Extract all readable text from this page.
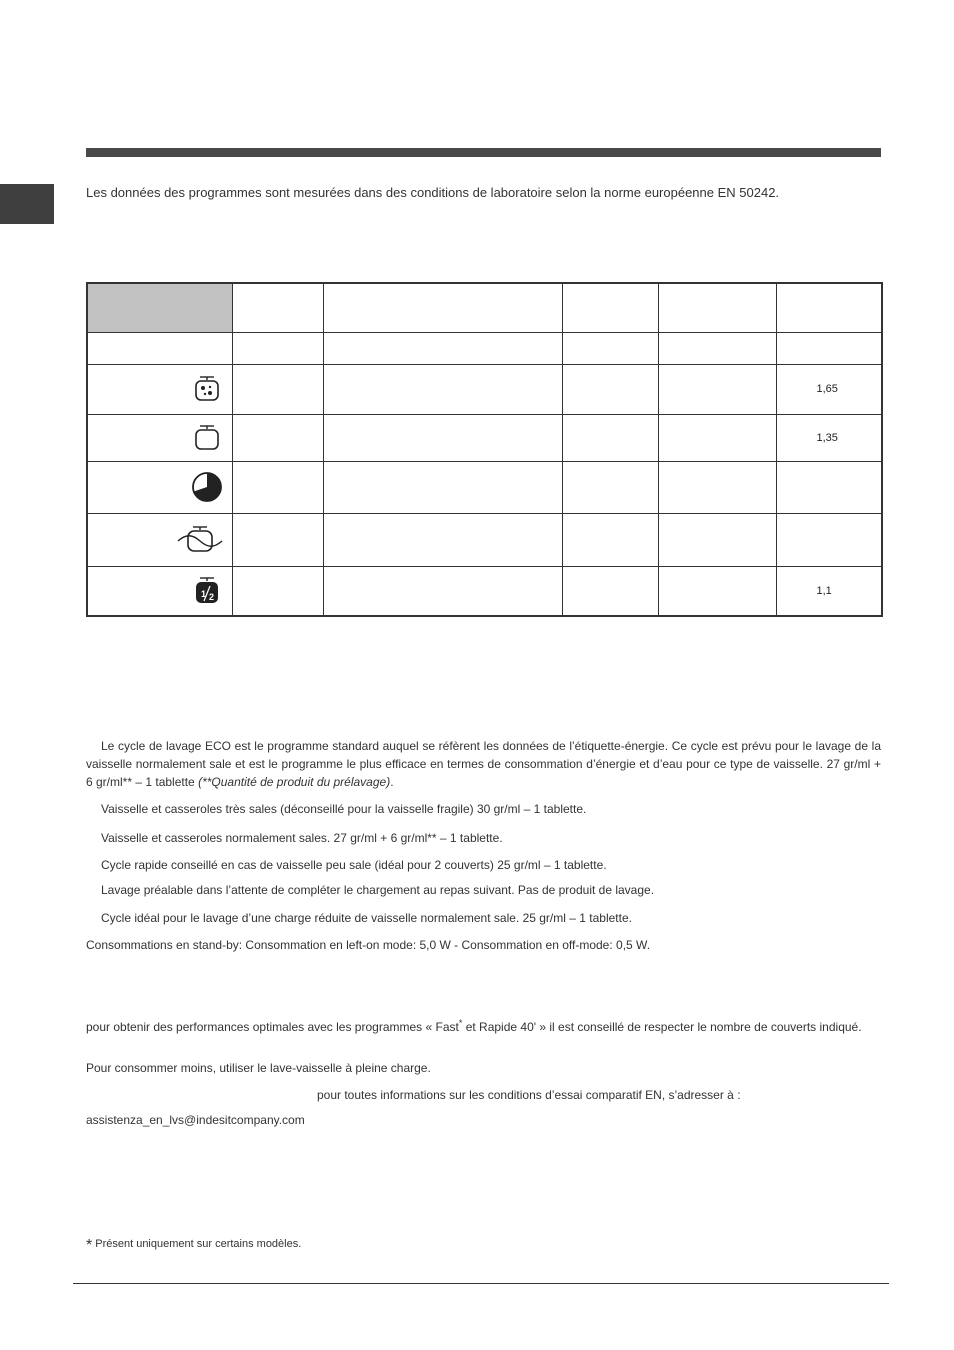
Les données des programmes sont mesurées dans des conditions de laboratoire selon la norme européenne EN 50242.

					1,65

					1,35

1 2					1,1
Le cycle de lavage ECO est le programme standard auquel se réfèrent les données de l’étiquette-énergie. Ce cycle est prévu pour le lavage de la vaisselle normalement sale et est le programme le plus efficace en termes de consommation d’énergie et d’eau pour ce type de vaisselle. 27 gr/ml + 6 gr/ml** – 1 tablette (**Quantité de produit du prélavage).
Vaisselle et casseroles très sales (déconseillé pour la vaisselle fragile) 30 gr/ml – 1 tablette.
Vaisselle et casseroles normalement sales. 27 gr/ml + 6 gr/ml** – 1 tablette.
Cycle rapide conseillé en cas de vaisselle peu sale (idéal pour 2 couverts) 25 gr/ml – 1 tablette.
Lavage préalable dans l’attente de compléter le chargement au repas suivant. Pas de produit de lavage.
Cycle idéal pour le lavage d’une charge réduite de vaisselle normalement sale. 25 gr/ml – 1 tablette.
Consommations en stand-by: Consommation en left-on mode: 5,0 W - Consommation en off-mode: 0,5 W.
pour obtenir des performances optimales avec les programmes « Fast* et Rapide 40' » il est conseillé de respecter le nombre de couverts indiqué.
Pour consommer moins, utiliser le lave-vaisselle à pleine charge.
pour toutes informations sur les conditions d’essai comparatif EN, s’adresser à :
assistenza_en_lvs@indesitcompany.com
* Présent uniquement sur certains modèles.
